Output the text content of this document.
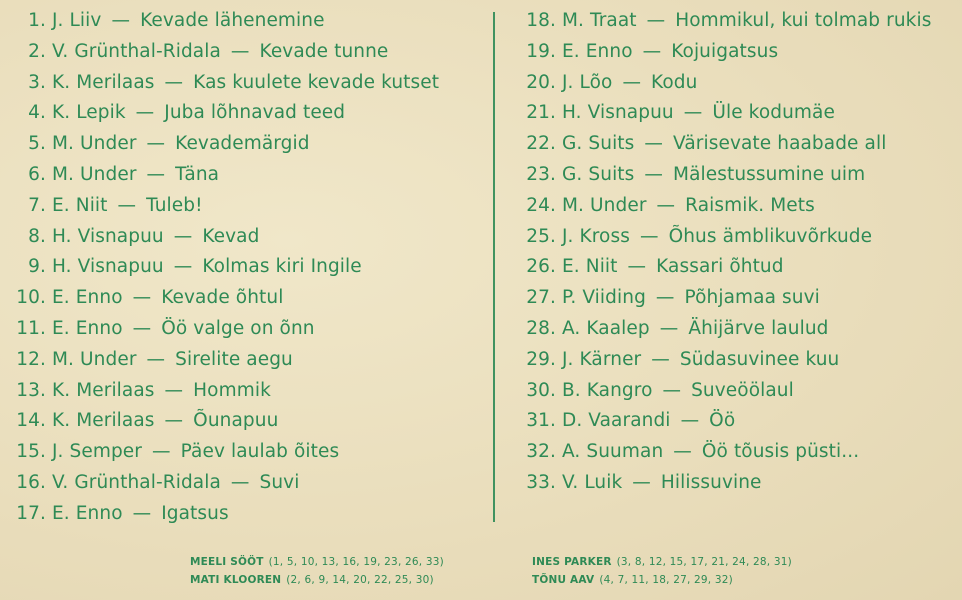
1. J. Liiv — Kevade lähenemine
2. V. Grünthal-Ridala — Kevade tunne
3. K. Merilaas — Kas kuulete kevade kutset
4. K. Lepik — Juba lõhnavad teed
5. M. Under — Kevademärgid
6. M. Under — Täna
7. E. Niit — Tuleb!
8. H. Visnapuu — Kevad
9. H. Visnapuu — Kolmas kiri Ingile
10. E. Enno — Kevade õhtul
11. E. Enno — Öö valge on õnn
12. M. Under — Sirelite aegu
13. K. Merilaas — Hommik
14. K. Merilaas — Õunapuu
15. J. Semper — Päev laulab õites
16. V. Grünthal-Ridala — Suvi
17. E. Enno — Igatsus
18. M. Traat — Hommikul, kui tolmab rukis
19. E. Enno — Kojuigatsus
20. J. Lõo — Kodu
21. H. Visnapuu — Üle kodumäe
22. G. Suits — Värisevate haabade all
23. G. Suits — Mälestussumine uim
24. M. Under — Raismik. Mets
25. J. Kross — Õhus ämblikuvõrkude
26. E. Niit — Kassari õhtud
27. P. Viiding — Põhjamaa suvi
28. A. Kaalep — Ähijärve laulud
29. J. Kärner — Südasuvinee kuu
30. B. Kangro — Suveöölaul
31. D. Vaarandi — Öö
32. A. Suuman — Öö tõusis püsti...
33. V. Luik — Hilissuvine
MEELI SÖÖT (1, 5, 10, 13, 16, 19, 23, 26, 33)
MATI KLOOREN (2, 6, 9, 14, 20, 22, 25, 30)
INES PARKER (3, 8, 12, 15, 17, 21, 24, 28, 31)
TÕNU AAV (4, 7, 11, 18, 27, 29, 32)
